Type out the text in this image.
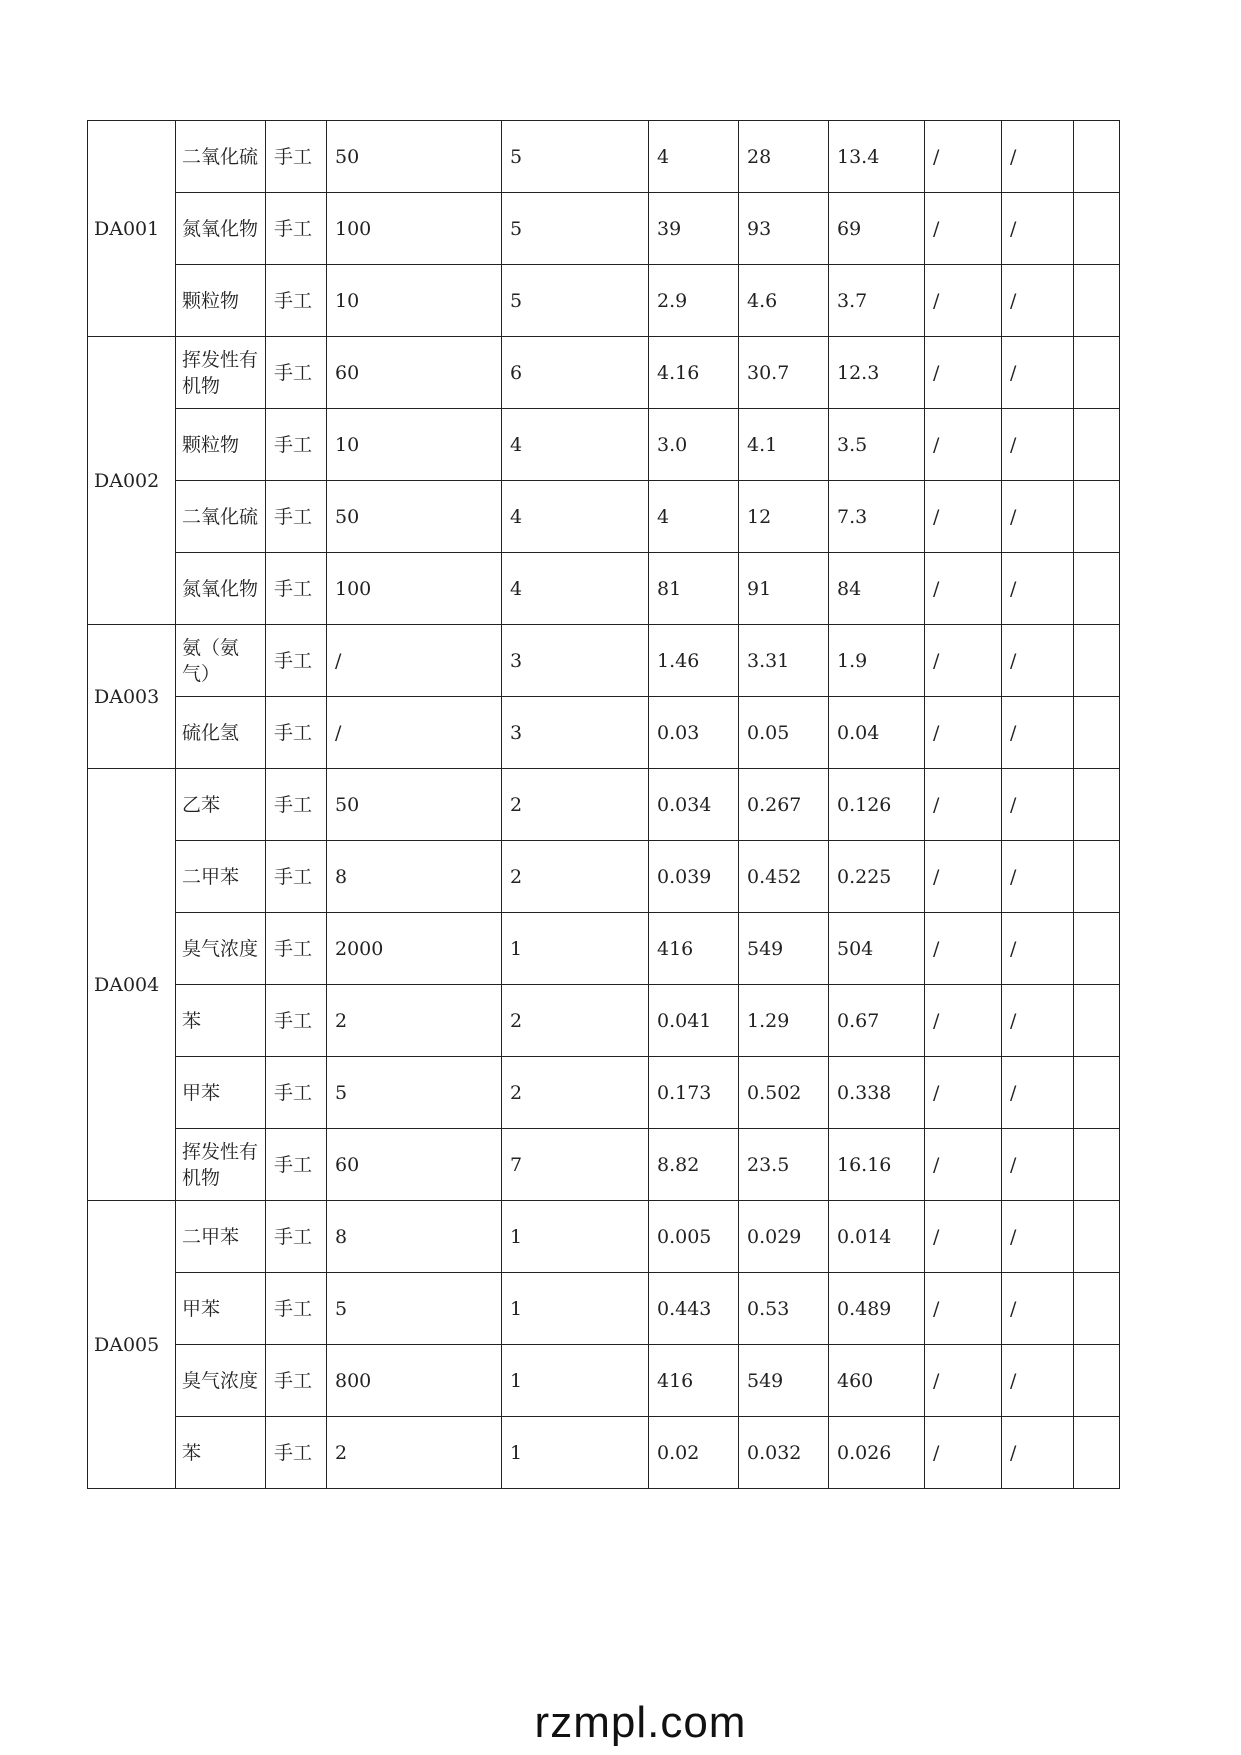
DA001	二氧化硫	手工	50	5	4	28	13.4	/	/	
	氮氧化物	手工	100	5	39	93	69	/	/	
	颗粒物	手工	10	5	2.9	4.6	3.7	/	/	
DA002	挥发性有机物	手工	60	6	4.16	30.7	12.3	/	/	
	颗粒物	手工	10	4	3.0	4.1	3.5	/	/	
	二氧化硫	手工	50	4	4	12	7.3	/	/	
	氮氧化物	手工	100	4	81	91	84	/	/	
DA003	氨（氨气）	手工	/	3	1.46	3.31	1.9	/	/	
	硫化氢	手工	/	3	0.03	0.05	0.04	/	/	
DA004	乙苯	手工	50	2	0.034	0.267	0.126	/	/	
	二甲苯	手工	8	2	0.039	0.452	0.225	/	/	
	臭气浓度	手工	2000	1	416	549	504	/	/	
	苯	手工	2	2	0.041	1.29	0.67	/	/	
	甲苯	手工	5	2	0.173	0.502	0.338	/	/	
	挥发性有机物	手工	60	7	8.82	23.5	16.16	/	/	
DA005	二甲苯	手工	8	1	0.005	0.029	0.014	/	/	
	甲苯	手工	5	1	0.443	0.53	0.489	/	/	
	臭气浓度	手工	800	1	416	549	460	/	/	
	苯	手工	2	1	0.02	0.032	0.026	/	/	
rzmpl.com
